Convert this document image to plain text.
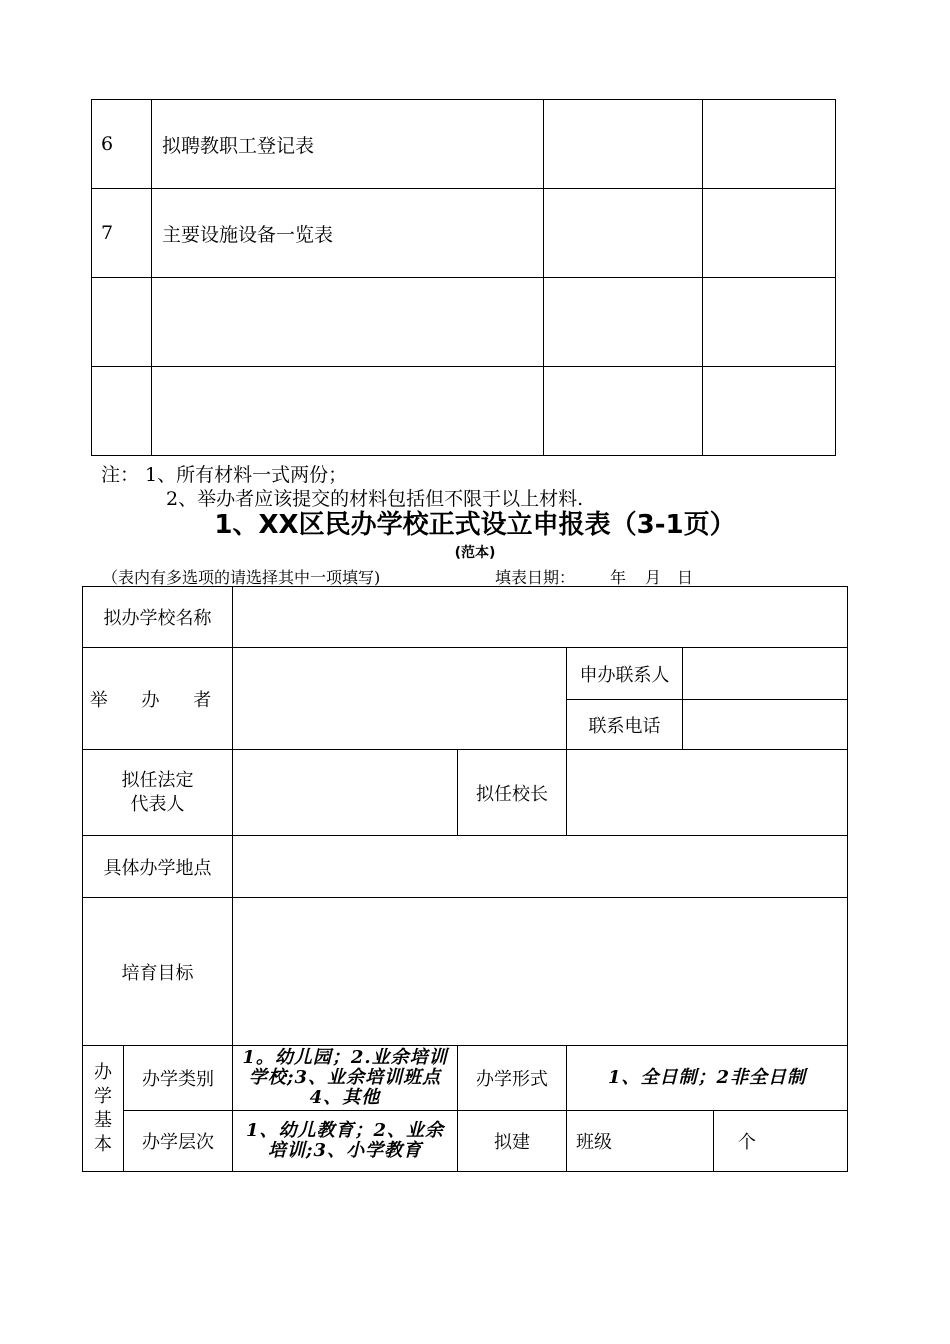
6	拟聘教职工登记表		
7	主要设施设备一览表		

注： 1、所有材料一式两份；
2、举办者应该提交的材料包括但不限于以上材料.
1、XX区民办学校正式设立申报表（3-1页）
(范本)
（表内有多选项的请选择其中一项填写)	填表日期： 年 月 日
拟办学校名称						
举 办 者				申办联系人		
				联系电话		

拟任法定代表人			拟任校长			
具体办学地点						
培育目标						

办学基本	办学类别	1。幼儿园；2.业余培训学校;3、业余培训班点4、其他	办学形式	1、全日制；2非全日制		
	办学层次	1、幼儿教育；2、业余培训;3、小学教育	拟建	班级		个
